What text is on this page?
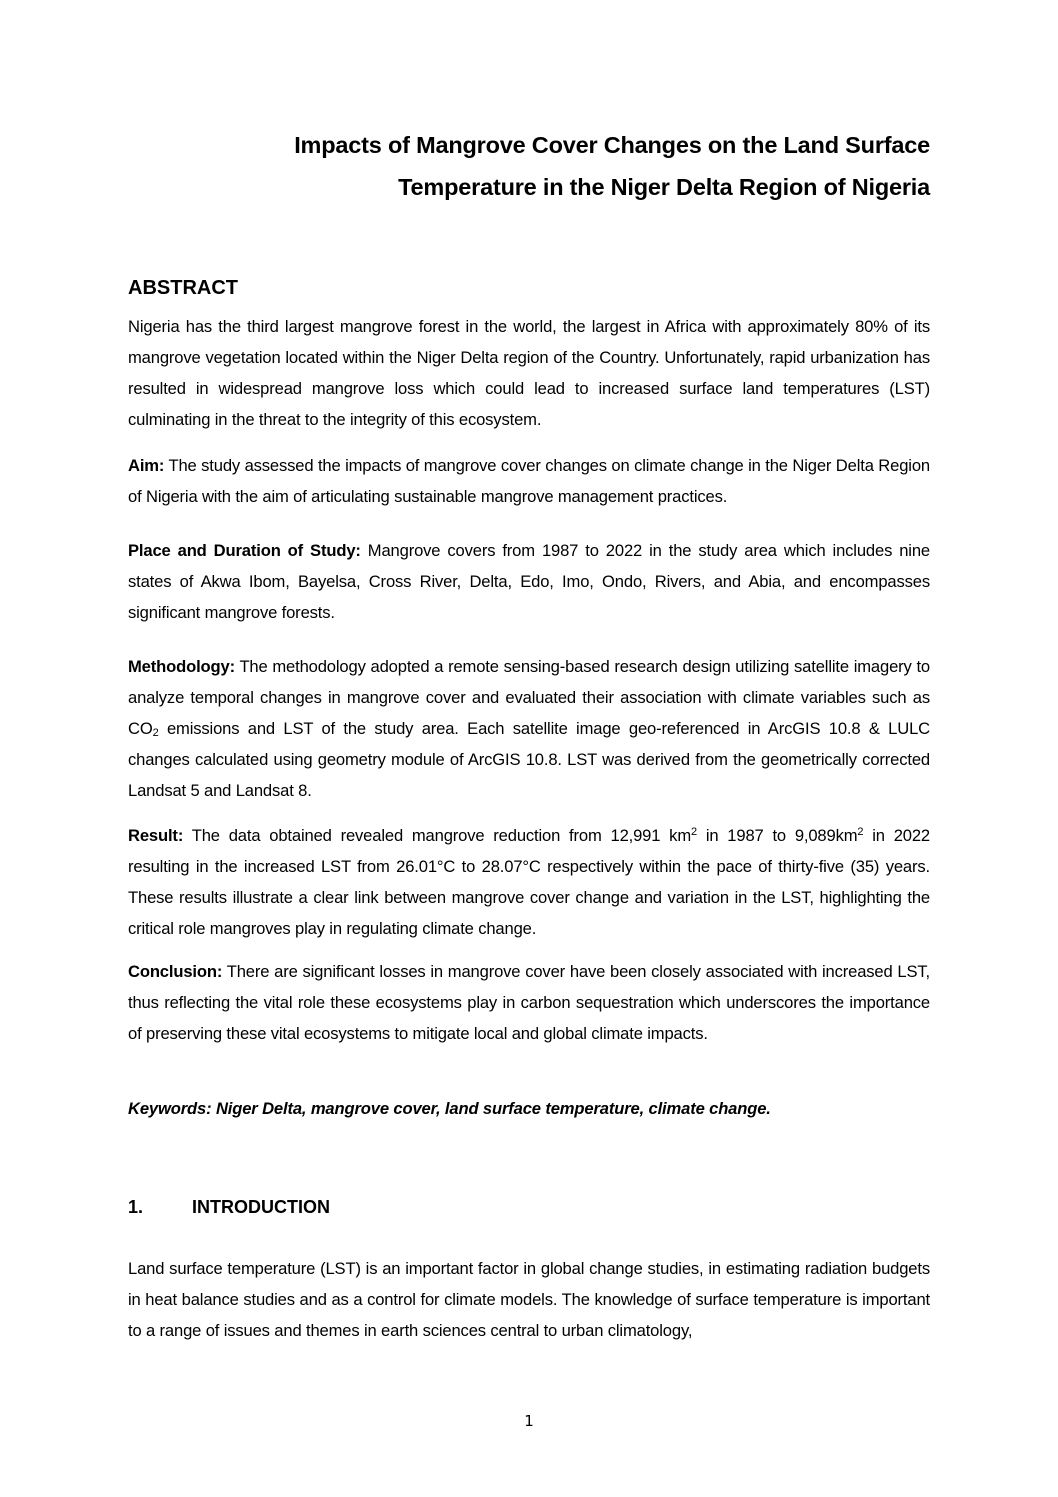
Impacts of Mangrove Cover Changes on the Land Surface
Temperature in the Niger Delta Region of Nigeria
ABSTRACT
Nigeria has the third largest mangrove forest in the world, the largest in Africa with approximately 80% of its mangrove vegetation located within the Niger Delta region of the Country. Unfortunately, rapid urbanization has resulted in widespread mangrove loss which could lead to increased surface land temperatures (LST) culminating in the threat to the integrity of this ecosystem.
Aim: The study assessed the impacts of mangrove cover changes on climate change in the Niger Delta Region of Nigeria with the aim of articulating sustainable mangrove management practices.
Place and Duration of Study: Mangrove covers from 1987 to 2022 in the study area which includes nine states of Akwa Ibom, Bayelsa, Cross River, Delta, Edo, Imo, Ondo, Rivers, and Abia, and encompasses significant mangrove forests.
Methodology: The methodology adopted a remote sensing-based research design utilizing satellite imagery to analyze temporal changes in mangrove cover and evaluated their association with climate variables such as $CO_2$ emissions and LST of the study area. Each satellite image geo-referenced in ArcGIS 10.8 & LULC changes calculated using geometry module of ArcGIS 10.8. LST was derived from the geometrically corrected Landsat 5 and Landsat 8.
Result: The data obtained revealed mangrove reduction from 12,991 $km^2$ in 1987 to $9,089km^2$ in 2022 resulting in the increased LST from 26.01°C to 28.07°C respectively within the pace of thirty-five (35) years. These results illustrate a clear link between mangrove cover change and variation in the LST, highlighting the critical role mangroves play in regulating climate change.
Conclusion: There are significant losses in mangrove cover have been closely associated with increased LST, thus reflecting the vital role these ecosystems play in carbon sequestration which underscores the importance of preserving these vital ecosystems to mitigate local and global climate impacts.
Keywords: Niger Delta, mangrove cover, land surface temperature, climate change.
1.	INTRODUCTION
Land surface temperature (LST) is an important factor in global change studies, in estimating radiation budgets in heat balance studies and as a control for climate models. The knowledge of surface temperature is important to a range of issues and themes in earth sciences central to urban climatology,
1
